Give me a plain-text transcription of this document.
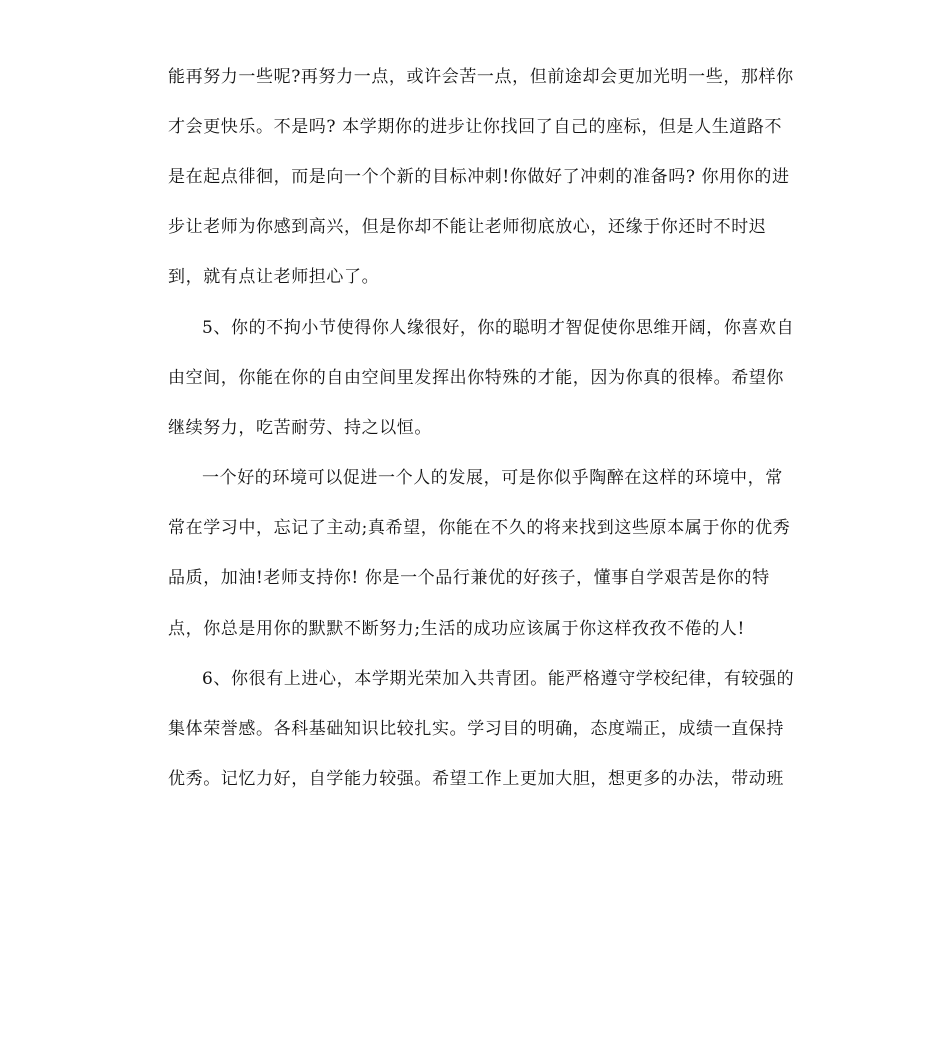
能再努力一些呢?再努力一点，或许会苦一点，但前途却会更加光明一些，那样你
才会更快乐。不是吗? 本学期你的进步让你找回了自己的座标，但是人生道路不
是在起点徘徊，而是向一个个新的目标冲刺!你做好了冲刺的准备吗? 你用你的进
步让老师为你感到高兴，但是你却不能让老师彻底放心，还缘于你还时不时迟
到，就有点让老师担心了。
5、你的不拘小节使得你人缘很好，你的聪明才智促使你思维开阔，你喜欢自
由空间，你能在你的自由空间里发挥出你特殊的才能，因为你真的很棒。希望你
继续努力，吃苦耐劳、持之以恒。
一个好的环境可以促进一个人的发展，可是你似乎陶醉在这样的环境中，常
常在学习中，忘记了主动;真希望，你能在不久的将来找到这些原本属于你的优秀
品质，加油!老师支持你! 你是一个品行兼优的好孩子，懂事自学艰苦是你的特
点，你总是用你的默默不断努力;生活的成功应该属于你这样孜孜不倦的人!
6、你很有上进心，本学期光荣加入共青团。能严格遵守学校纪律，有较强的
集体荣誉感。各科基础知识比较扎实。学习目的明确，态度端正，成绩一直保持
优秀。记忆力好，自学能力较强。希望工作上更加大胆，想更多的办法，带动班
